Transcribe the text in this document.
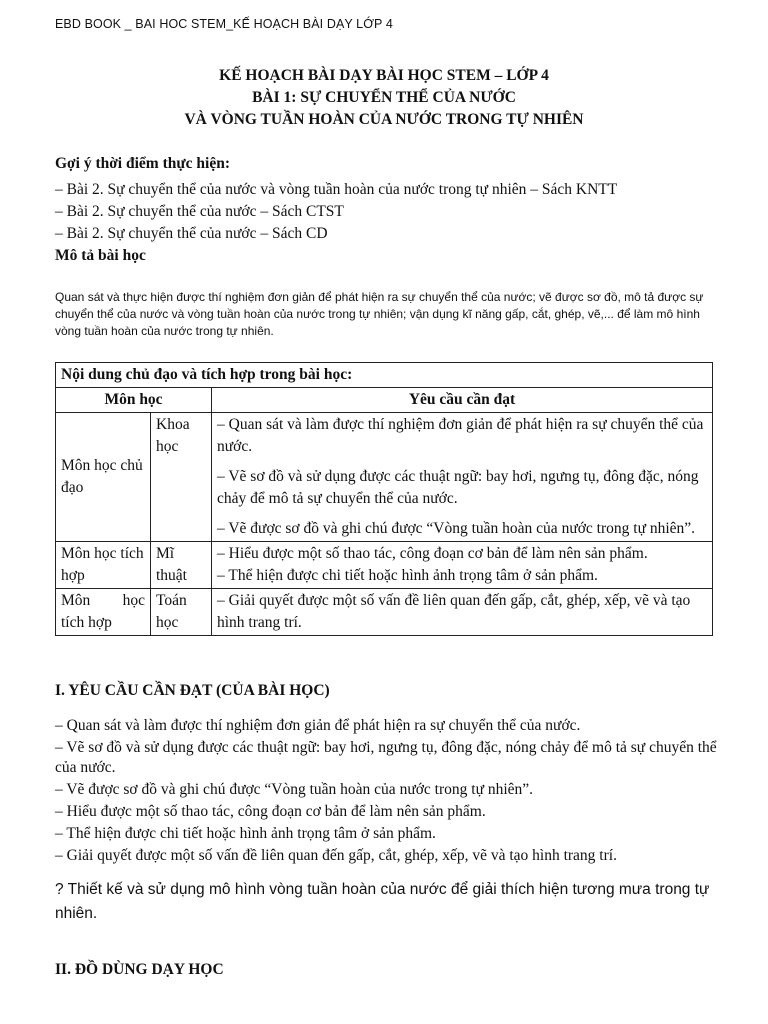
EBD BOOK _ BAI HOC STEM_KẾ HOẠCH BÀI DẠY LỚP 4
KẾ HOẠCH BÀI DẠY BÀI HỌC STEM – LỚP 4
BÀI 1: SỰ CHUYỂN THỂ CỦA NƯỚC
VÀ VÒNG TUẦN HOÀN CỦA NƯỚC TRONG TỰ NHIÊN
Gợi ý thời điểm thực hiện:
– Bài 2. Sự chuyển thể của nước và vòng tuần hoàn của nước trong tự nhiên – Sách KNTT
– Bài 2. Sự chuyển thể của nước – Sách CTST
– Bài 2. Sự chuyển thể của nước – Sách CD
Mô tả bài học
Quan sát và thực hiện được thí nghiệm đơn giản để phát hiện ra sự chuyển thể của nước; vẽ được sơ đồ, mô tả được sự chuyển thể của nước và vòng tuần hoàn của nước trong tự nhiên; vận dụng kĩ năng gấp, cắt, ghép, vẽ,... để làm mô hình vòng tuần hoàn của nước trong tự nhiên.
Nội dung chủ đạo và tích hợp trong bài học:		
Môn học		Yêu cầu cần đạt
Môn học chủ đạo	Khoa học	– Quan sát và làm được thí nghiệm đơn giản để phát hiện ra sự chuyển thể của nước.

– Vẽ sơ đồ và sử dụng được các thuật ngữ: bay hơi, ngưng tụ, đông đặc, nóng chảy để mô tả sự chuyển thể của nước.

– Vẽ được sơ đồ và ghi chú được “Vòng tuần hoàn của nước trong tự nhiên”.

Môn học tích hợp	Mĩ thuật	– Hiểu được một số thao tác, công đoạn cơ bản để làm nên sản phẩm.
– Thể hiện được chi tiết hoặc hình ảnh trọng tâm ở sản phẩm.

Môn học
tích hợp	Toán học	– Giải quyết được một số vấn đề liên quan đến gấp, cắt, ghép, xếp, vẽ và tạo hình trang trí.
I. YÊU CẦU CẦN ĐẠT (CỦA BÀI HỌC)
– Quan sát và làm được thí nghiệm đơn giản để phát hiện ra sự chuyển thể của nước.
– Vẽ sơ đồ và sử dụng được các thuật ngữ: bay hơi, ngưng tụ, đông đặc, nóng chảy để mô tả sự chuyển thể của nước.
– Vẽ được sơ đồ và ghi chú được “Vòng tuần hoàn của nước trong tự nhiên”.
– Hiểu được một số thao tác, công đoạn cơ bản để làm nên sản phẩm.
– Thể hiện được chi tiết hoặc hình ảnh trọng tâm ở sản phẩm.
– Giải quyết được một số vấn đề liên quan đến gấp, cắt, ghép, xếp, vẽ và tạo hình trang trí.
? Thiết kế và sử dụng mô hình vòng tuần hoàn của nước để giải thích hiện tương mưa trong tự nhiên.
II. ĐỒ DÙNG DẠY HỌC
